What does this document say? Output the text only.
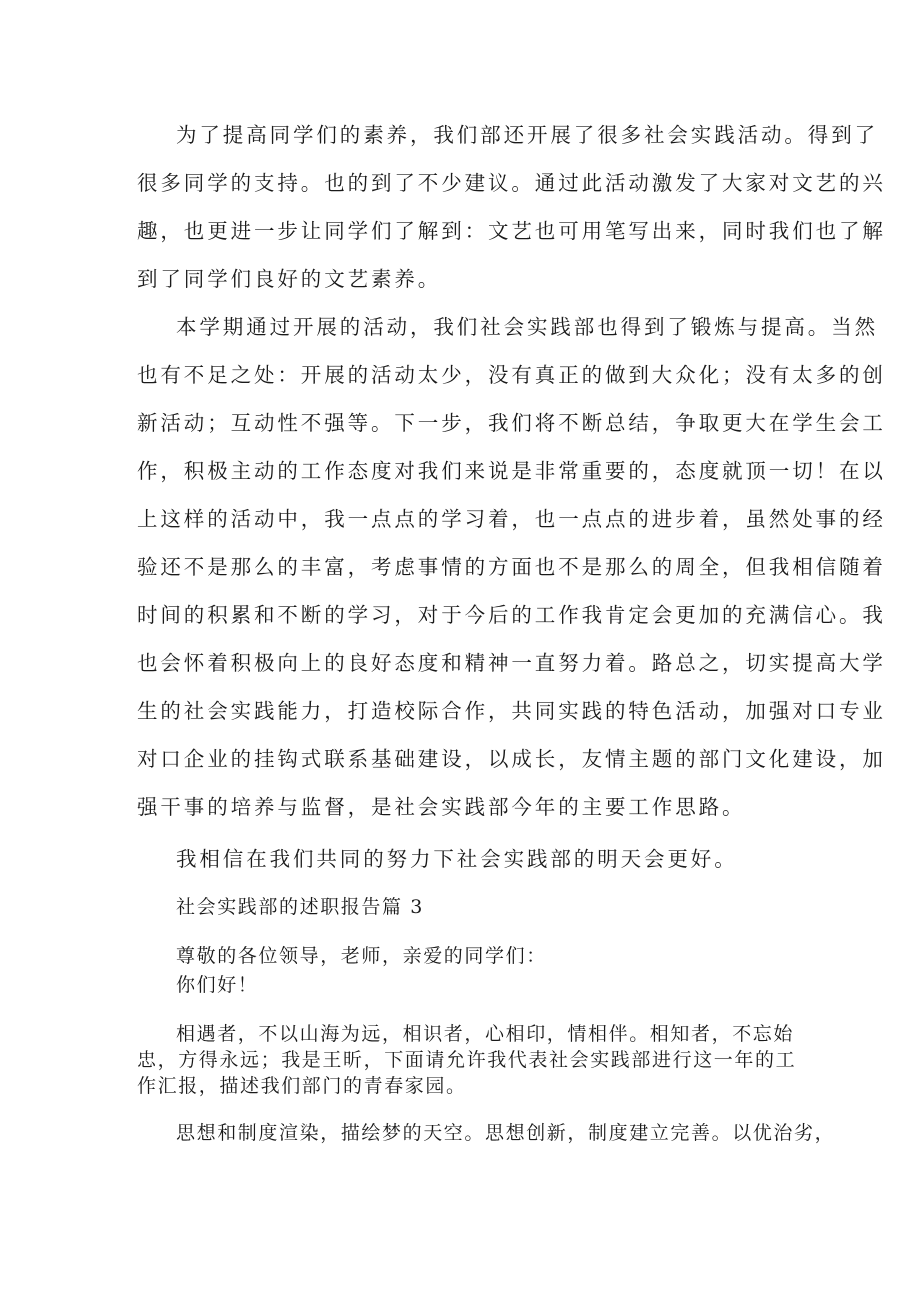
为了提高同学们的素养，我们部还开展了很多社会实践活动。得到了

很多同学的支持。也的到了不少建议。通过此活动激发了大家对文艺的兴

趣，也更进一步让同学们了解到：文艺也可用笔写出来，同时我们也了解

到了同学们良好的文艺素养。

本学期通过开展的活动，我们社会实践部也得到了锻炼与提高。当然

也有不足之处：开展的活动太少，没有真正的做到大众化；没有太多的创

新活动；互动性不强等。下一步，我们将不断总结，争取更大在学生会工

作，积极主动的工作态度对我们来说是非常重要的，态度就顶一切！在以

上这样的活动中，我一点点的学习着，也一点点的进步着，虽然处事的经

验还不是那么的丰富，考虑事情的方面也不是那么的周全，但我相信随着

时间的积累和不断的学习，对于今后的工作我肯定会更加的充满信心。我

也会怀着积极向上的良好态度和精神一直努力着。路总之，切实提高大学

生的社会实践能力，打造校际合作，共同实践的特色活动，加强对口专业

对口企业的挂钩式联系基础建设，以成长，友情主题的部门文化建设，加

强干事的培养与监督，是社会实践部今年的主要工作思路。

我相信在我们共同的努力下社会实践部的明天会更好。

社会实践部的述职报告篇 3

尊敬的各位领导，老师，亲爱的同学们：

你们好！

相遇者，不以山海为远，相识者，心相印，情相伴。相知者，不忘始

忠，方得永远；我是王昕，下面请允许我代表社会实践部进行这一年的工

作汇报，描述我们部门的青春家园。

思想和制度渲染，描绘梦的天空。思想创新，制度建立完善。以优治劣，
